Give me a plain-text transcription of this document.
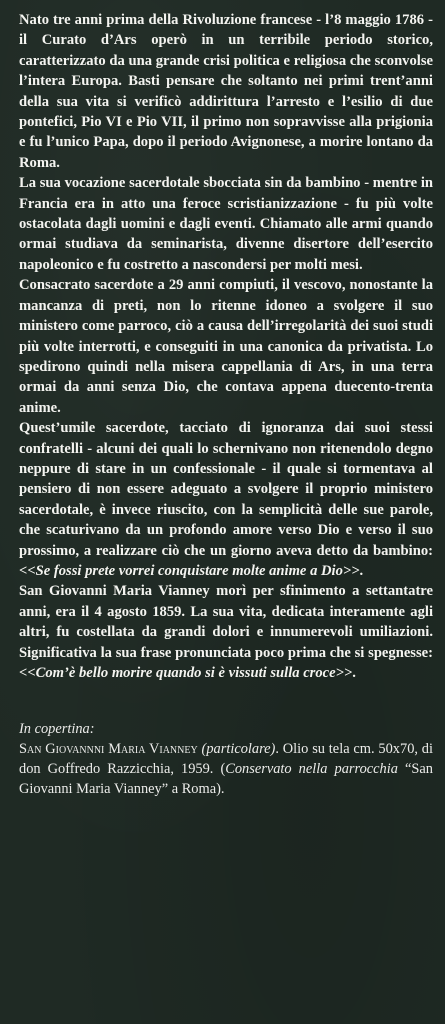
Nato tre anni prima della Rivoluzione francese - l’8 maggio 1786 - il Curato d’Ars operò in un terribile periodo storico, caratterizzato da una grande crisi politica e religiosa che sconvolse l’intera Europa. Basti pensare che soltanto nei primi trent’anni della sua vita si verificò addirittura l’arresto e l’esilio di due pontefici, Pio VI e Pio VII, il primo non sopravvisse alla prigionia e fu l’unico Papa, dopo il periodo Avignonese, a morire lontano da Roma.

La sua vocazione sacerdotale sbocciata sin da bambino - mentre in Francia era in atto una feroce scristianizzazione - fu più volte ostacolata dagli uomini e dagli eventi. Chiamato alle armi quando ormai studiava da seminarista, divenne disertore dell’esercito napoleonico e fu costretto a nascondersi per molti mesi.

Consacrato sacerdote a 29 anni compiuti, il vescovo, nonostante la mancanza di preti, non lo ritenne idoneo a svolgere il suo ministero come parroco, ciò a causa dell’irregolarità dei suoi studi più volte interrotti, e conseguiti in una canonica da privatista. Lo spedirono quindi nella misera cappellania di Ars, in una terra ormai da anni senza Dio, che contava appena duecento-trenta anime.

Quest’umile sacerdote, tacciato di ignoranza dai suoi stessi confratelli - alcuni dei quali lo schernivano non ritenendolo degno neppure di stare in un confessionale - il quale si tormentava al pensiero di non essere adeguato a svolgere il proprio ministero sacerdotale, è invece riuscito, con la semplicità delle sue parole, che scaturivano da un profondo amore verso Dio e verso il suo prossimo, a realizzare ciò che un giorno aveva detto da bambino: <<Se fossi prete vorrei conquistare molte anime a Dio>>.

San Giovanni Maria Vianney morì per sfinimento a settantatre anni, era il 4 agosto 1859. La sua vita, dedicata interamente agli altri, fu costellata da grandi dolori e innumerevoli umiliazioni. Significativa la sua frase pronunciata poco prima che si spegnesse: <<Com’è bello morire quando si è vissuti sulla croce>>.

In copertina:
San Giovannni Maria Vianney (particolare). Olio su tela cm. 50x70, di don Goffredo Razzicchia, 1959. (Conservato nella parrocchia “San Giovanni Maria Vianney” a Roma).
